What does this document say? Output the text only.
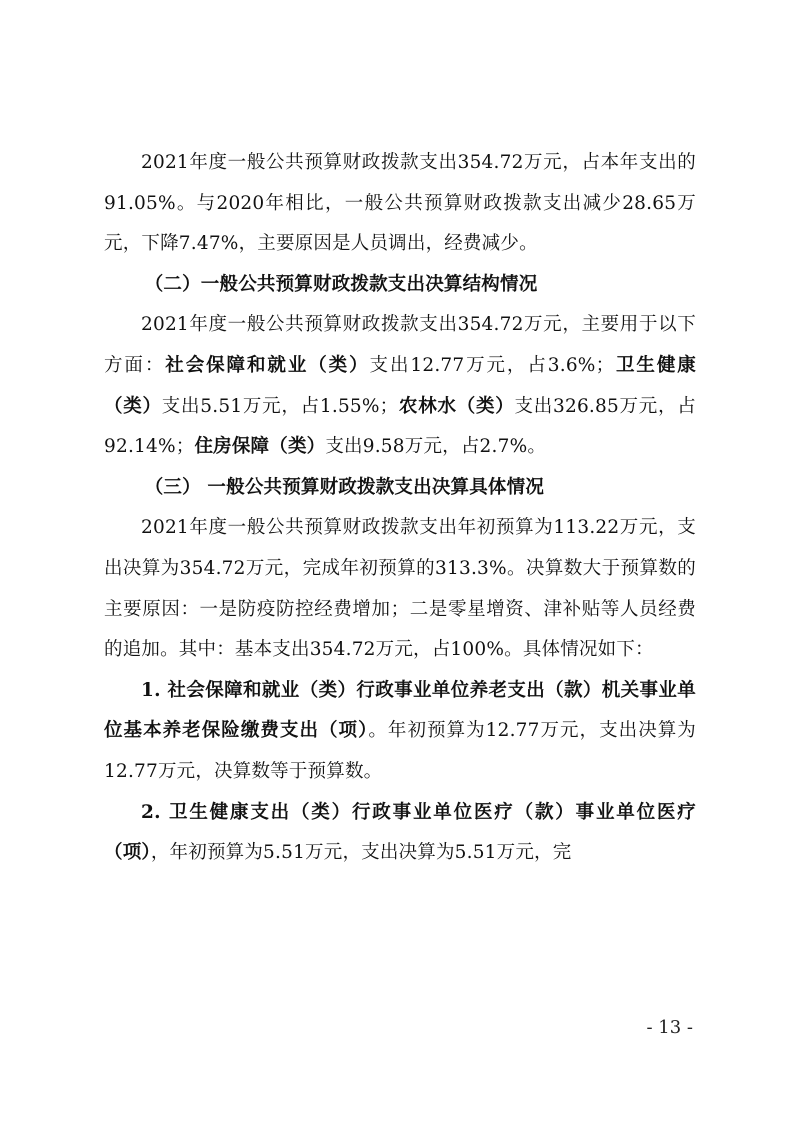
2021年度一般公共预算财政拨款支出354.72万元，占本年支出的91.05%。与2020年相比，一般公共预算财政拨款支出减少28.65万元，下降7.47%，主要原因是人员调出，经费减少。

（二）一般公共预算财政拨款支出决算结构情况

2021年度一般公共预算财政拨款支出354.72万元，主要用于以下方面：社会保障和就业（类）支出12.77万元，占3.6%；卫生健康（类）支出5.51万元，占1.55%；农林水（类）支出326.85万元，占92.14%；住房保障（类）支出9.58万元，占2.7%。

（三） 一般公共预算财政拨款支出决算具体情况

2021年度一般公共预算财政拨款支出年初预算为113.22万元，支出决算为354.72万元，完成年初预算的313.3%。决算数大于预算数的主要原因：一是防疫防控经费增加；二是零星增资、津补贴等人员经费的追加。其中：基本支出354.72万元，占100%。具体情况如下：

1. 社会保障和就业（类）行政事业单位养老支出（款）机关事业单位基本养老保险缴费支出（项）。年初预算为12.77万元，支出决算为12.77万元，决算数等于预算数。

2. 卫生健康支出（类）行政事业单位医疗（款）事业单位医疗（项），年初预算为5.51万元，支出决算为5.51万元，完

- 13 -
